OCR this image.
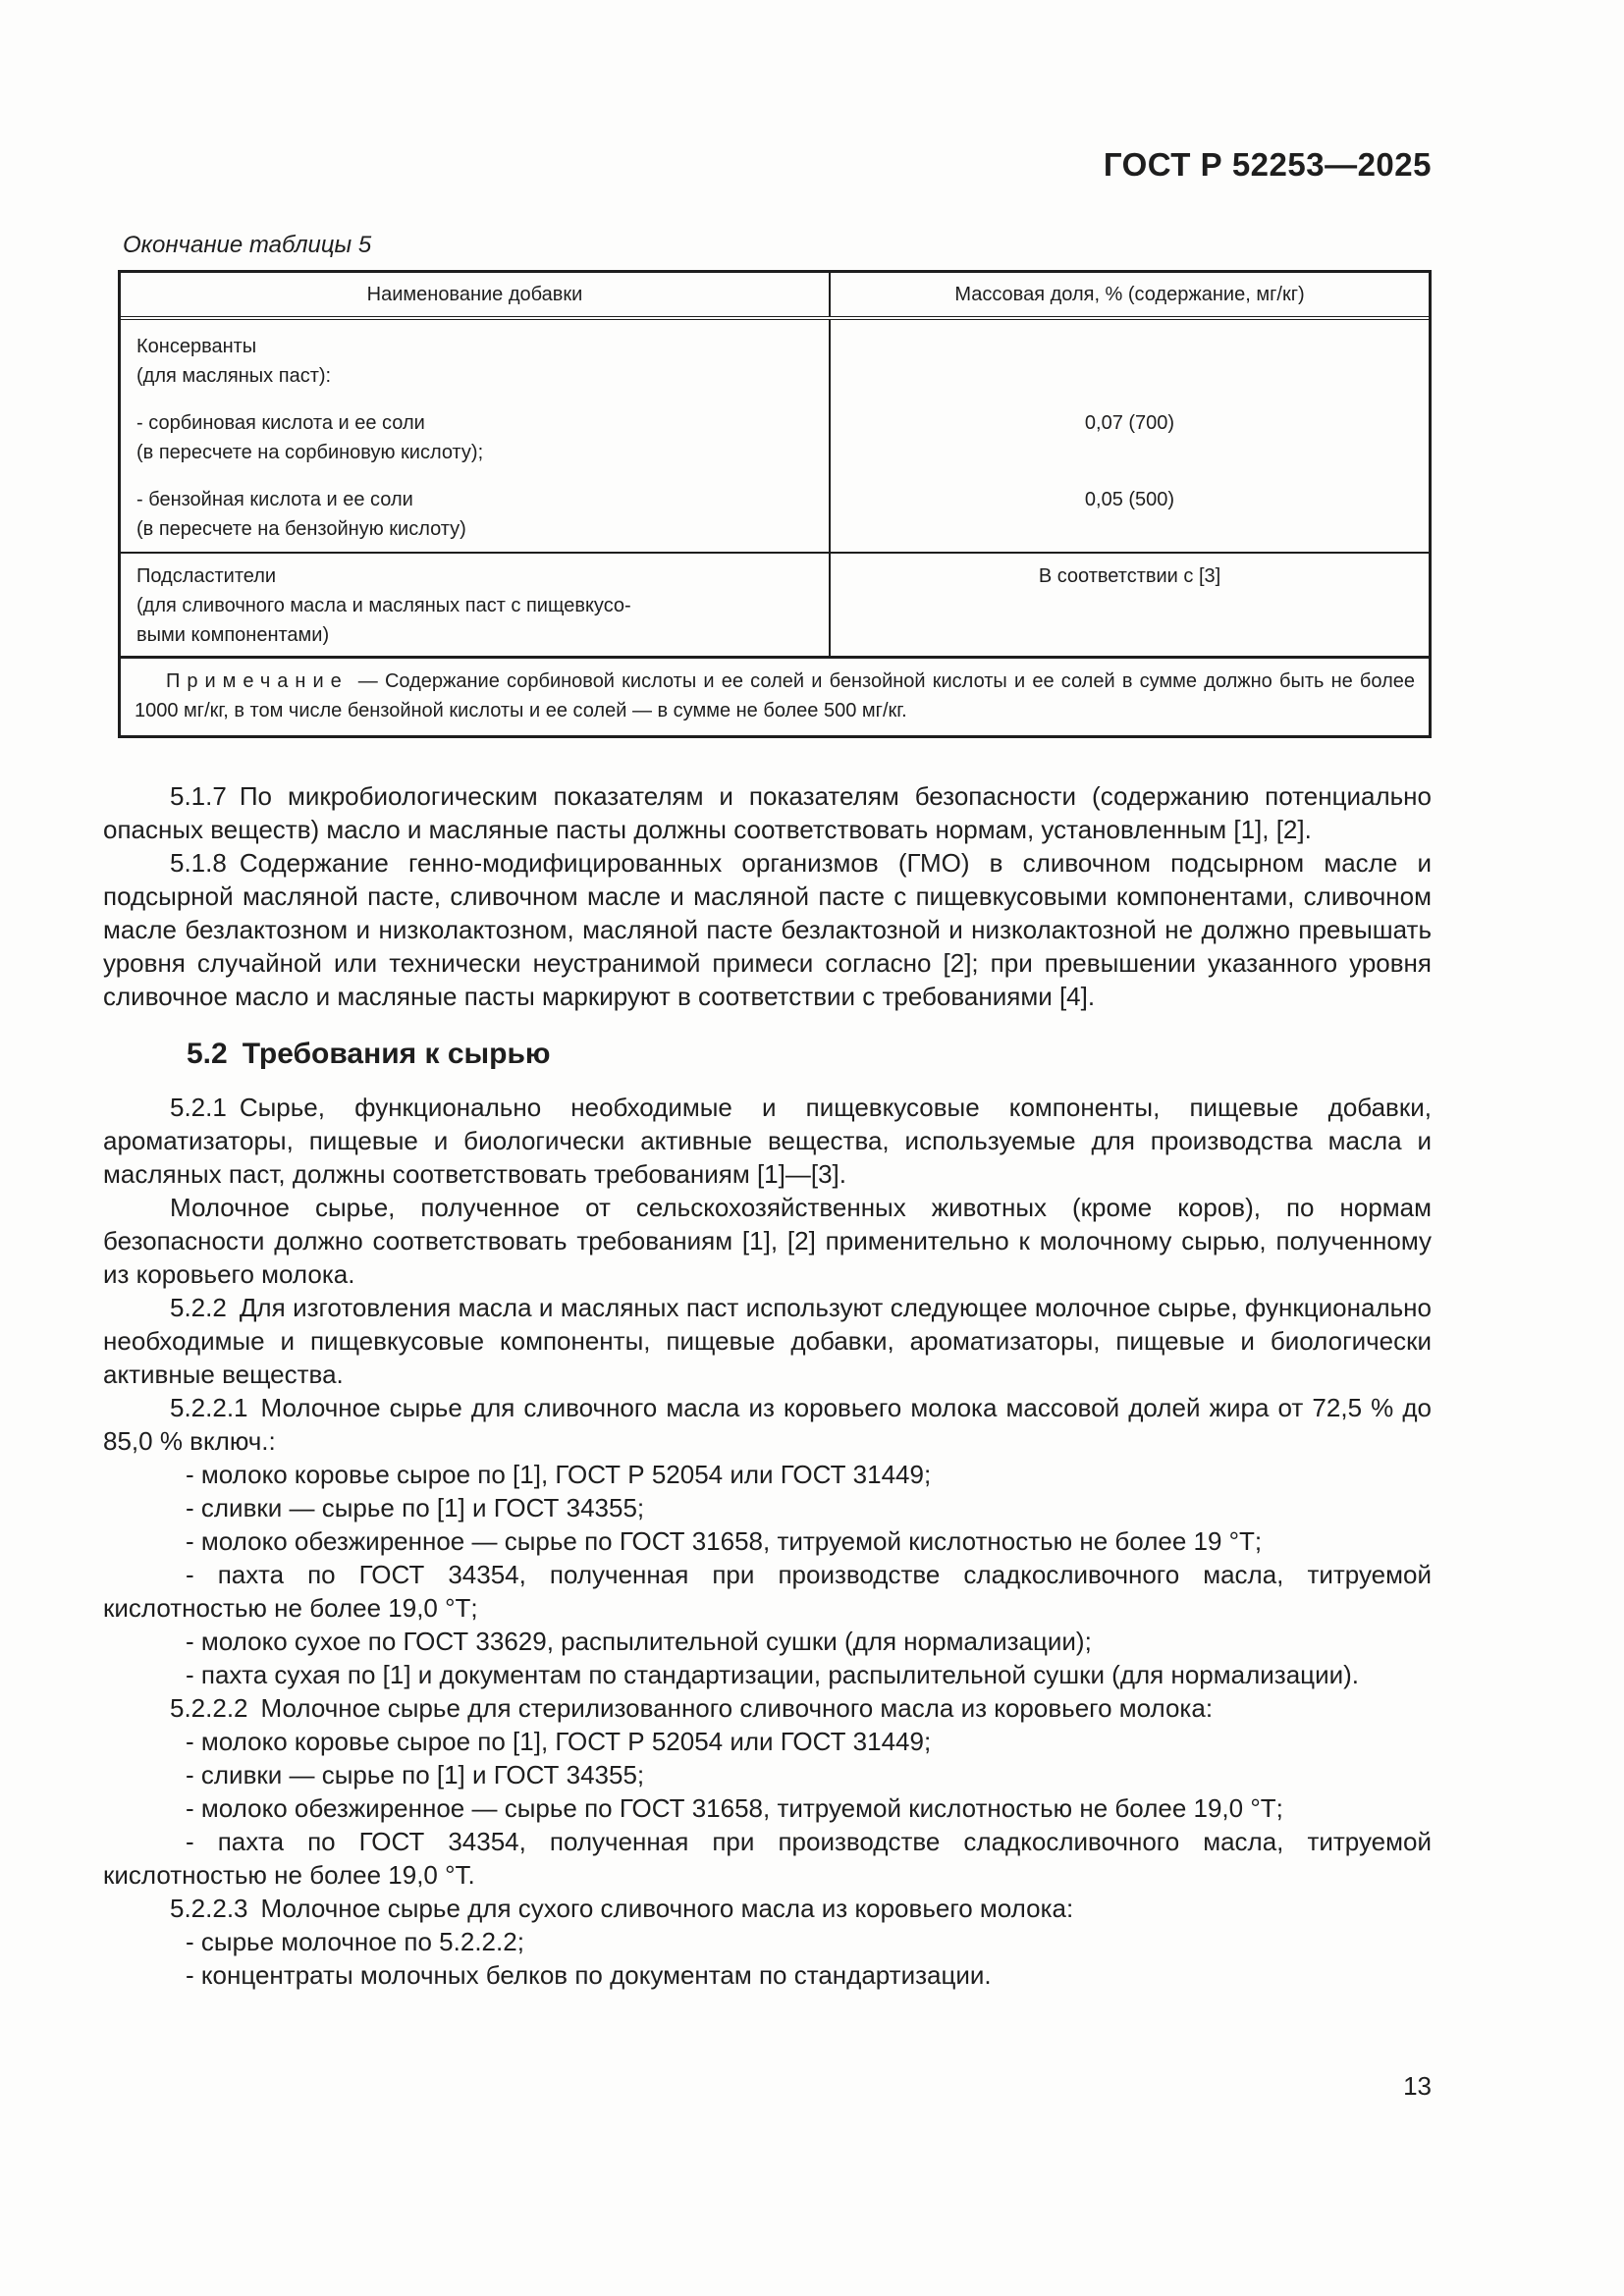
ГОСТ Р 52253—2025
Окончание таблицы 5
Наименование добавки	Массовая доля, % (содержание, мг/кг)
Консерванты
(для масляных паст):
- сорбиновая кислота и ее соли
(в пересчете на сорбиновую кислоту);
- бензойная кислота и ее соли
(в пересчете на бензойную кислоту)
0,07 (700)
0,05 (500)
Подсластители
(для сливочного масла и масляных паст с пищевкусо-
выми компонентами)
В соответствии с [3]
Примечание — Содержание сорбиновой кислоты и ее солей и бензойной кислоты и ее солей в сумме должно быть не более 1000 мг/кг, в том числе бензойной кислоты и ее солей — в сумме не более 500 мг/кг.

5.1.7 По микробиологическим показателям и показателям безопасности (содержанию потенциально опасных веществ) масло и масляные пасты должны соответствовать нормам, установленным [1], [2].

5.1.8 Содержание генно-модифицированных организмов (ГМО) в сливочном подсырном масле и подсырной масляной пасте, сливочном масле и масляной пасте с пищевкусовыми компонентами, сливочном масле безлактозном и низколактозном, масляной пасте безлактозной и низколактозной не должно превышать уровня случайной или технически неустранимой примеси согласно [2]; при превышении указанного уровня сливочное масло и масляные пасты маркируют в соответствии с требованиями [4].

5.2 Требования к сырью

5.2.1 Сырье, функционально необходимые и пищевкусовые компоненты, пищевые добавки, ароматизаторы, пищевые и биологически активные вещества, используемые для производства масла и масляных паст, должны соответствовать требованиям [1]—[3].

Молочное сырье, полученное от сельскохозяйственных животных (кроме коров), по нормам безопасности должно соответствовать требованиям [1], [2] применительно к молочному сырью, полученному из коровьего молока.

5.2.2 Для изготовления масла и масляных паст используют следующее молочное сырье, функционально необходимые и пищевкусовые компоненты, пищевые добавки, ароматизаторы, пищевые и биологически активные вещества.

5.2.2.1 Молочное сырье для сливочного масла из коровьего молока массовой долей жира от 72,5 % до 85,0 % включ.:

- молоко коровье сырое по [1], ГОСТ Р 52054 или ГОСТ 31449;

- сливки — сырье по [1] и ГОСТ 34355;

- молоко обезжиренное — сырье по ГОСТ 31658, титруемой кислотностью не более 19 °Т;

- пахта по ГОСТ 34354, полученная при производстве сладкосливочного масла, титруемой кислотностью не более 19,0 °Т;

- молоко сухое по ГОСТ 33629, распылительной сушки (для нормализации);

- пахта сухая по [1] и документам по стандартизации, распылительной сушки (для нормализации).

5.2.2.2 Молочное сырье для стерилизованного сливочного масла из коровьего молока:

- молоко коровье сырое по [1], ГОСТ Р 52054 или ГОСТ 31449;

- сливки — сырье по [1] и ГОСТ 34355;

- молоко обезжиренное — сырье по ГОСТ 31658, титруемой кислотностью не более 19,0 °Т;

- пахта по ГОСТ 34354, полученная при производстве сладкосливочного масла, титруемой кислотностью не более 19,0 °Т.

5.2.2.3 Молочное сырье для сухого сливочного масла из коровьего молока:

- сырье молочное по 5.2.2.2;

- концентраты молочных белков по документам по стандартизации.

13
